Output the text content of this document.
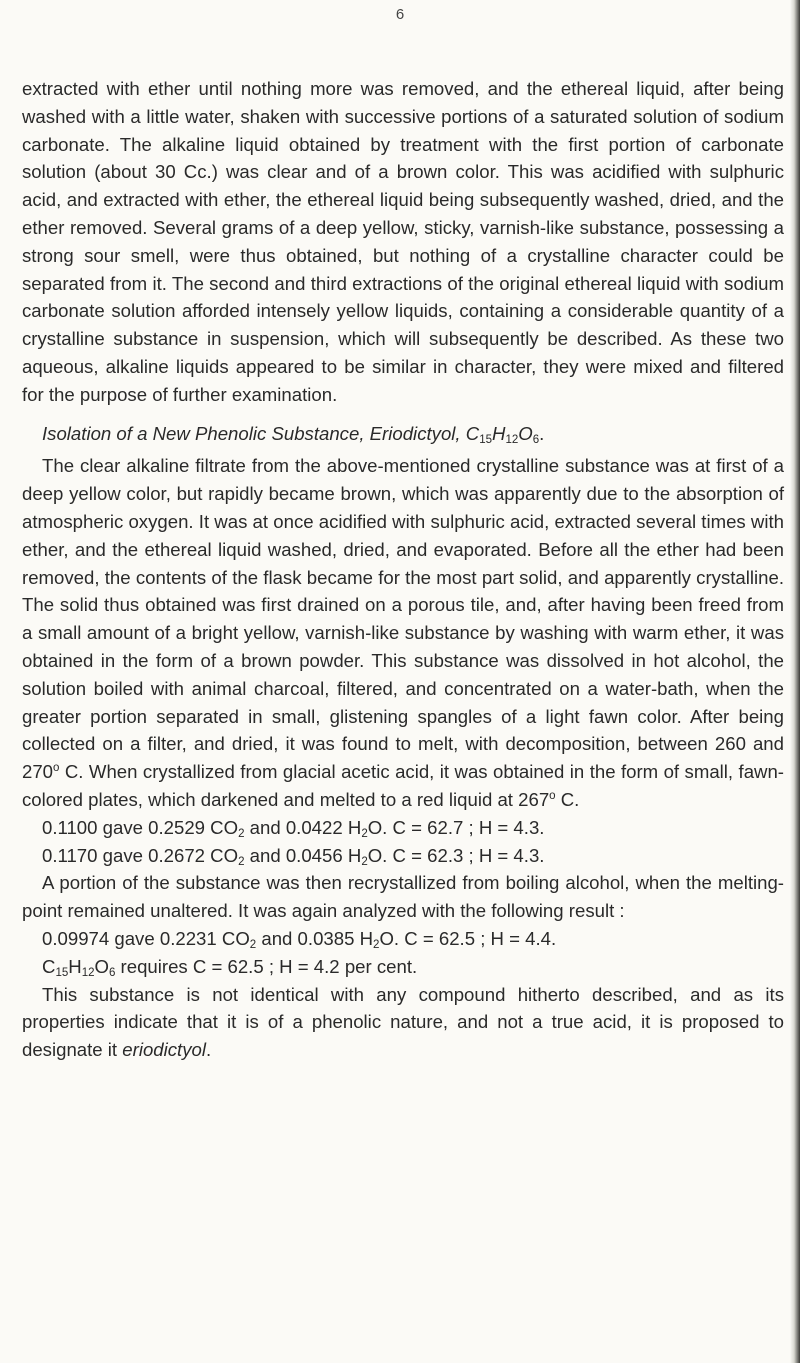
6

extracted with ether until nothing more was removed, and the ethereal liquid, after being washed with a little water, shaken with successive portions of a saturated solution of sodium carbonate. The alkaline liquid obtained by treatment with the first portion of carbonate solution (about 30 Cc.) was clear and of a brown color. This was acidified with sulphuric acid, and extracted with ether, the ethereal liquid being subsequently washed, dried, and the ether removed. Several grams of a deep yellow, sticky, varnish-like substance, possessing a strong sour smell, were thus obtained, but nothing of a crystalline character could be separated from it. The second and third extractions of the original ethereal liquid with sodium carbonate solution afforded intensely yellow liquids, containing a considerable quantity of a crystalline substance in suspension, which will subsequently be described. As these two aqueous, alkaline liquids appeared to be similar in character, they were mixed and filtered for the purpose of further examination.

Isolation of a New Phenolic Substance, Eriodictyol, $C_{15}H_{12}O_6$.

The clear alkaline filtrate from the above-mentioned crystalline substance was at first of a deep yellow color, but rapidly became brown, which was apparently due to the absorption of atmospheric oxygen. It was at once acidified with sulphuric acid, extracted several times with ether, and the ethereal liquid washed, dried, and evaporated. Before all the ether had been removed, the contents of the flask became for the most part solid, and apparently crystalline. The solid thus obtained was first drained on a porous tile, and, after having been freed from a small amount of a bright yellow, varnish-like substance by washing with warm ether, it was obtained in the form of a brown powder. This substance was dissolved in hot alcohol, the solution boiled with animal charcoal, filtered, and concentrated on a water-bath, when the greater portion separated in small, glistening spangles of a light fawn color. After being collected on a filter, and dried, it was found to melt, with decomposition, between 260 and 270$^o$ C. When crystallized from glacial acetic acid, it was obtained in the form of small, fawn-colored plates, which darkened and melted to a red liquid at 267$^o$ C.

0.1100 gave 0.2529 $CO_2$ and 0.0422 $H_2O$. C = 62.7 ; H = 4.3.

0.1170 gave 0.2672 $CO_2$ and 0.0456 $H_2O$. C = 62.3 ; H = 4.3.

A portion of the substance was then recrystallized from boiling alcohol, when the melting-point remained unaltered. It was again analyzed with the following result :

0.09974 gave 0.2231 $CO_2$ and 0.0385 $H_2O$. C = 62.5 ; H = 4.4.

$C_{15}H_{12}O_6$ requires C = 62.5 ; H = 4.2 per cent.

This substance is not identical with any compound hitherto described, and as its properties indicate that it is of a phenolic nature, and not a true acid, it is proposed to designate it eriodictyol.
